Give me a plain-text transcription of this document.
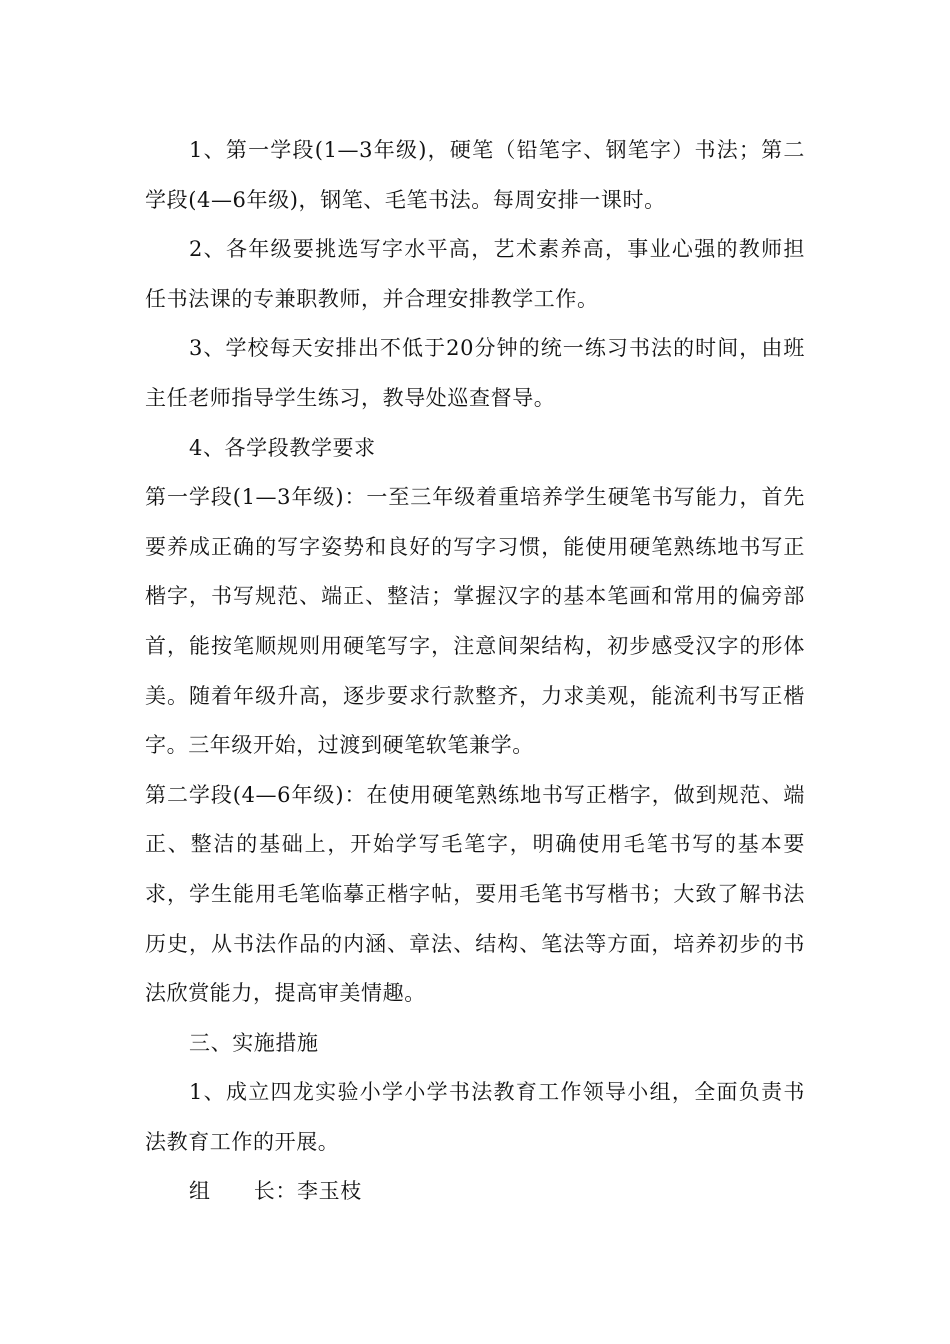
1、第一学段(1—3年级)，硬笔（铅笔字、钢笔字）书法；第二学段(4—6年级)，钢笔、毛笔书法。每周安排一课时。

2、各年级要挑选写字水平高，艺术素养高，事业心强的教师担任书法课的专兼职教师，并合理安排教学工作。

3、学校每天安排出不低于20分钟的统一练习书法的时间，由班主任老师指导学生练习，教导处巡查督导。

4、各学段教学要求

第一学段(1—3年级)：一至三年级着重培养学生硬笔书写能力，首先要养成正确的写字姿势和良好的写字习惯，能使用硬笔熟练地书写正楷字，书写规范、端正、整洁；掌握汉字的基本笔画和常用的偏旁部首，能按笔顺规则用硬笔写字，注意间架结构，初步感受汉字的形体美。随着年级升高，逐步要求行款整齐，力求美观，能流利书写正楷字。三年级开始，过渡到硬笔软笔兼学。

第二学段(4—6年级)：在使用硬笔熟练地书写正楷字，做到规范、端正、整洁的基础上，开始学写毛笔字，明确使用毛笔书写的基本要求，学生能用毛笔临摹正楷字帖，要用毛笔书写楷书；大致了解书法历史，从书法作品的内涵、章法、结构、笔法等方面，培养初步的书法欣赏能力，提高审美情趣。

三、实施措施

1、成立四龙实验小学小学书法教育工作领导小组，全面负责书法教育工作的开展。

组　　长：李玉枝
